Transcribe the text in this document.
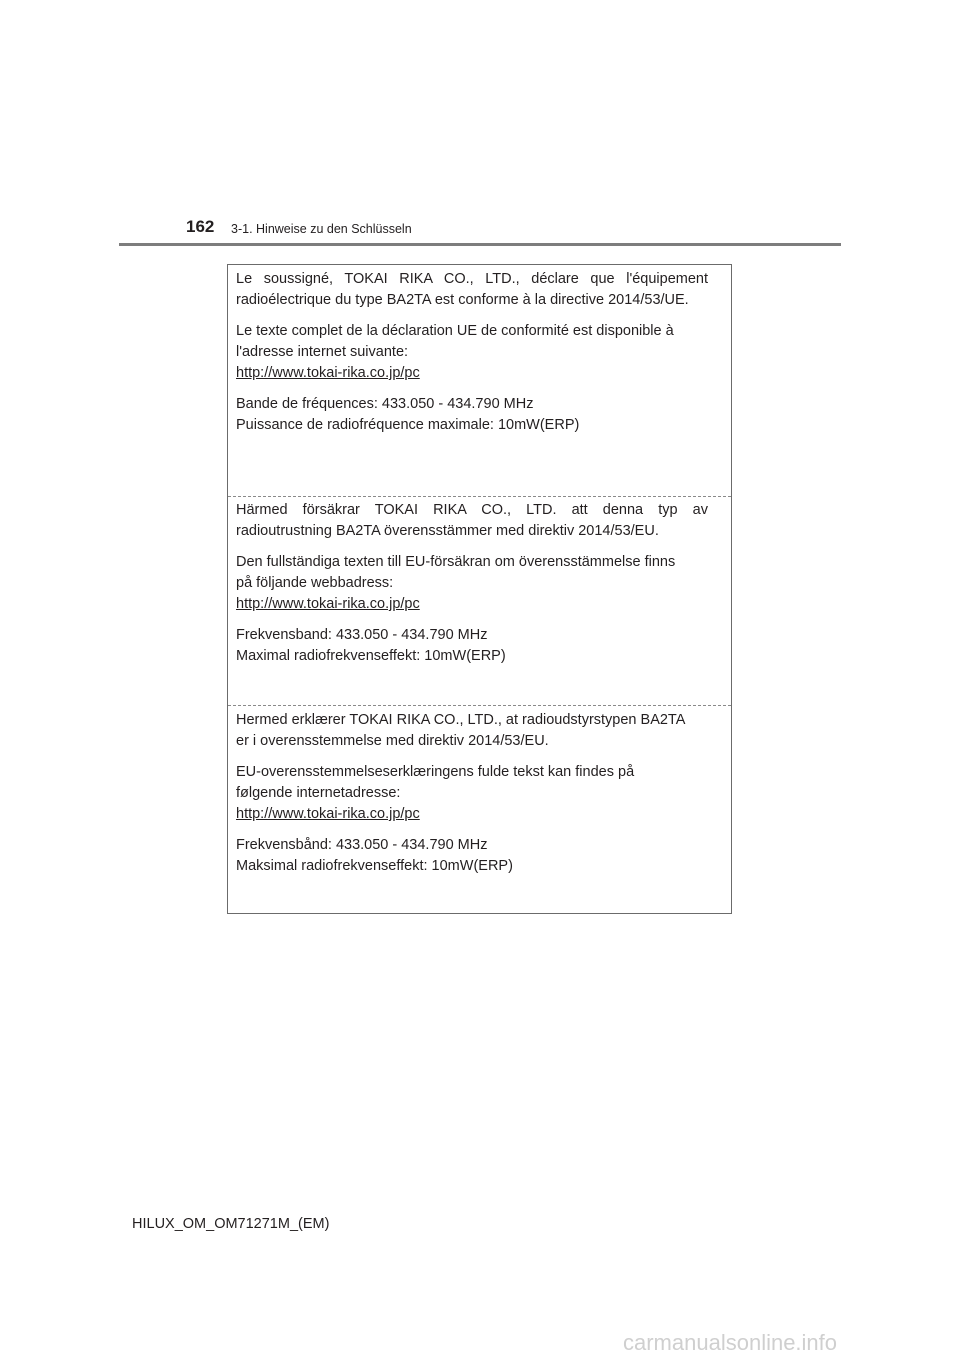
162 3-1. Hinweise zu den Schlüsseln

Le soussigné, TOKAI RIKA CO., LTD., déclare que l'équipement radioélectrique du type BA2TA est conforme à la directive 2014/53/UE.

Le texte complet de la déclaration UE de conformité est disponible à
l'adresse internet suivante:
http://www.tokai-rika.co.jp/pc

Bande de fréquences: 433.050 - 434.790 MHz
Puissance de radiofréquence maximale: 10mW(ERP)

Härmed försäkrar TOKAI RIKA CO., LTD. att denna typ av radioutrustning BA2TA överensstämmer med direktiv 2014/53/EU.

Den fullständiga texten till EU-försäkran om överensstämmelse finns
på följande webbadress:
http://www.tokai-rika.co.jp/pc

Frekvensband: 433.050 - 434.790 MHz
Maximal radiofrekvenseffekt: 10mW(ERP)

Hermed erklærer TOKAI RIKA CO., LTD., at radioudstyrstypen BA2TA
er i overensstemmelse med direktiv 2014/53/EU.

EU-overensstemmelseserklæringens fulde tekst kan findes på
følgende internetadresse:
http://www.tokai-rika.co.jp/pc

Frekvensbånd: 433.050 - 434.790 MHz
Maksimal radiofrekvenseffekt: 10mW(ERP)

HILUX_OM_OM71271M_(EM)
carmanualsonline.info
